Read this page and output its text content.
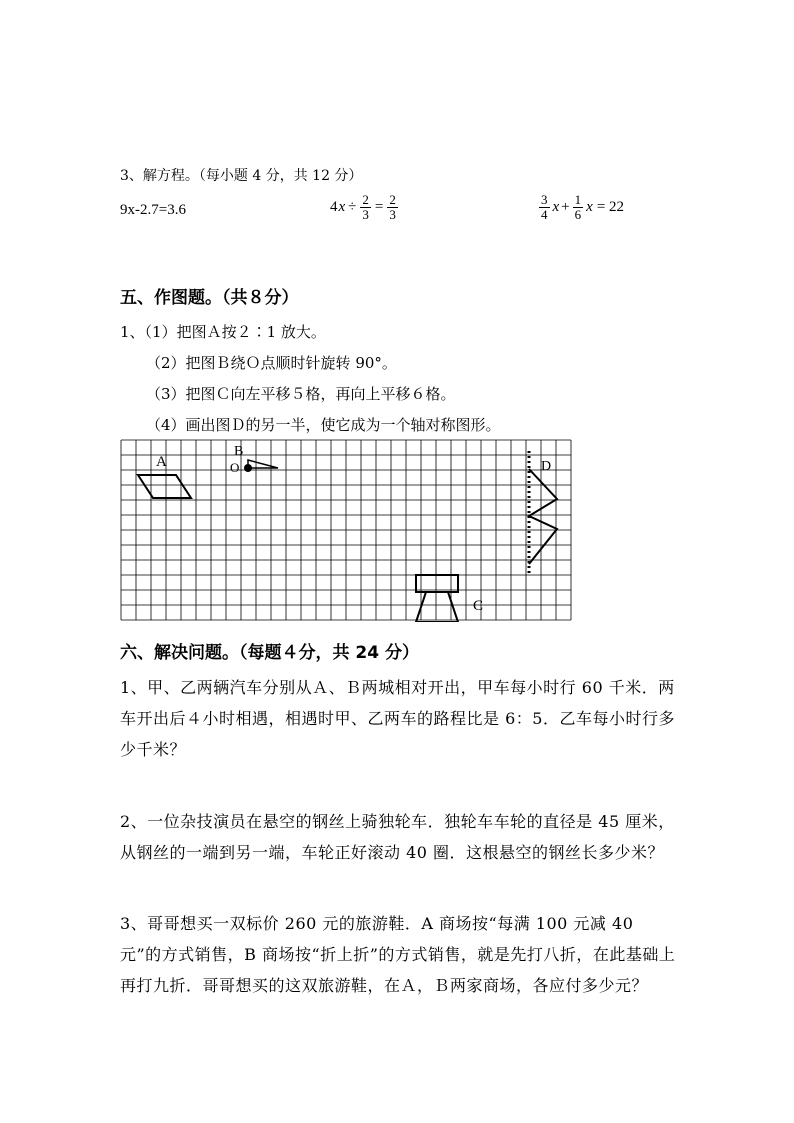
3、解方程。（每小题 4 分，共 12 分）
9x-2.7=3.6	4 $x \div \frac{2}{3} = \frac{2}{3}$	$\frac{3}{4}$ $x + \frac{1}{6}$ x = 22
五、作图题。（共８分）
1、（1）把图Ａ按２∶1 放大。
（2）把图Ｂ绕Ｏ点顺时针旋转 90°。
（3）把图Ｃ向左平移５格，再向上平移６格。
（4）画出图Ｄ的另一半，使它成为一个轴对称图形。
A
B
O
C
D
六、解决问题。（每题４分，共 24 分）
1、甲、乙两辆汽车分别从Ａ、Ｂ两城相对开出，甲车每小时行 60 千米．两车开出后４小时相遇，相遇时甲、乙两车的路程比是 6：5．乙车每小时行多少千米？
2、一位杂技演员在悬空的钢丝上骑独轮车．独轮车车轮的直径是 45 厘米，从钢丝的一端到另一端，车轮正好滚动 40 圈．这根悬空的钢丝长多少米？
3、哥哥想买一双标价 260 元的旅游鞋．A 商场按“每满 100 元减 40 元”的方式销售，B 商场按“折上折”的方式销售，就是先打八折，在此基础上再打九折．哥哥想买的这双旅游鞋，在Ａ，Ｂ两家商场，各应付多少元？
